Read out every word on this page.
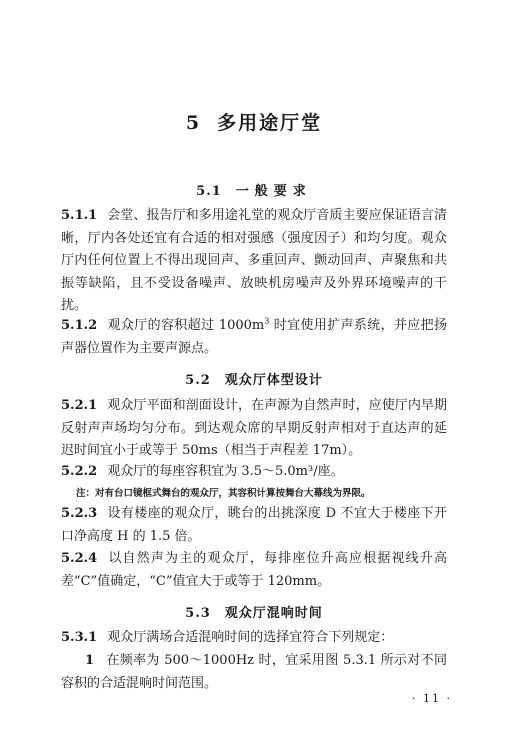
5 多用途厅堂
5.1 一般要求
5.1.1 会堂、报告厅和多用途礼堂的观众厅音质主要应保证语言清晰，厅内各处还宜有合适的相对强感（强度因子）和均匀度。观众厅内任何位置上不得出现回声、多重回声、颤动回声、声聚焦和共振等缺陷，且不受设备噪声、放映机房噪声及外界环境噪声的干扰。
5.1.2 观众厅的容积超过 $1000m^3$ 时宜使用扩声系统，并应把扬声器位置作为主要声源点。
5.2 观众厅体型设计
5.2.1 观众厅平面和剖面设计，在声源为自然声时，应使厅内早期反射声声场均匀分布。到达观众席的早期反射声相对于直达声的延迟时间宜小于或等于 50ms（相当于声程差 17m）。
5.2.2 观众厅的每座容积宜为 3.5～5.0m³/座。
注：对有台口镜框式舞台的观众厅，其容积计算按舞台大幕线为界限。
5.2.3 设有楼座的观众厅，眺台的出挑深度 D 不宜大于楼座下开口净高度 H 的 1.5 倍。
5.2.4 以自然声为主的观众厅，每排座位升高应根据视线升高差“C”值确定，“C”值宜大于或等于 120mm。
5.3 观众厅混响时间
5.3.1 观众厅满场合适混响时间的选择宜符合下列规定：
1 在频率为 500～1000Hz 时，宜采用图 5.3.1 所示对不同容积的合适混响时间范围。
· 11 ·
